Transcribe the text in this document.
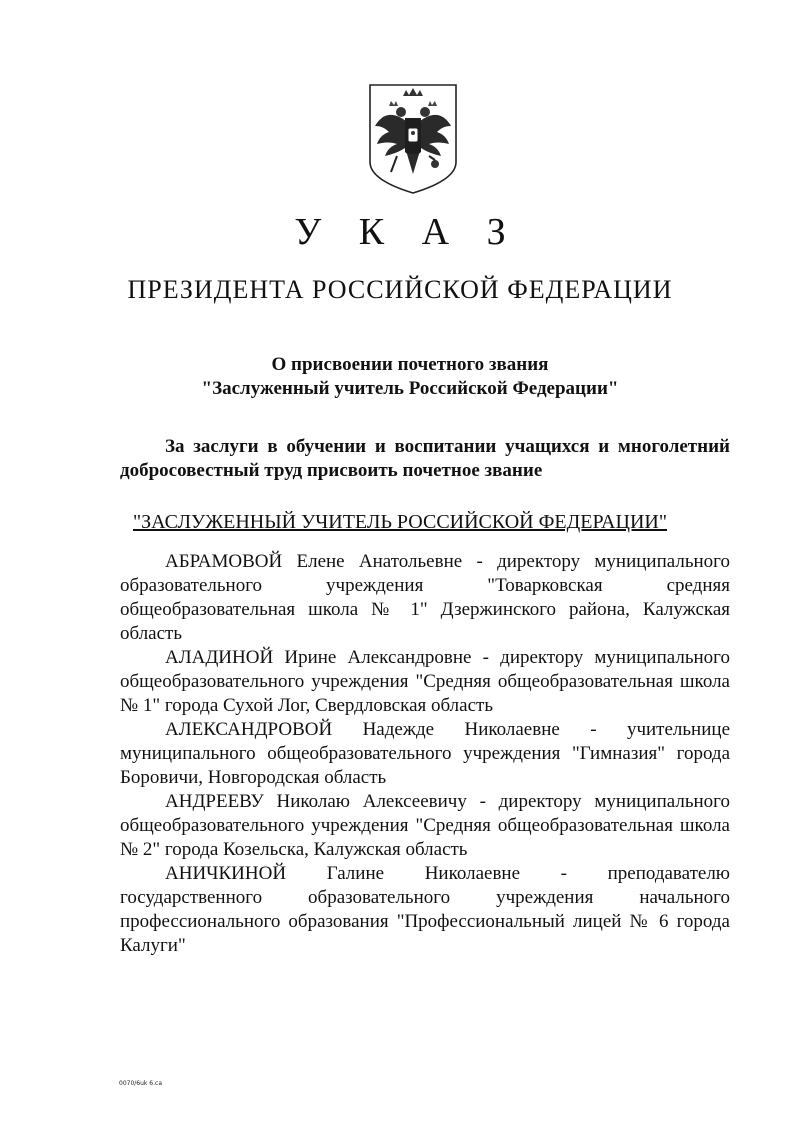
У К А З
ПРЕЗИДЕНТА РОССИЙСКОЙ ФЕДЕРАЦИИ
О присвоении почетного звания
"Заслуженный учитель Российской Федерации"
За заслуги в обучении и воспитании учащихся и многолетний добросовестный труд присвоить почетное звание
"ЗАСЛУЖЕННЫЙ УЧИТЕЛЬ РОССИЙСКОЙ ФЕДЕРАЦИИ"
АБРАМОВОЙ Елене Анатольевне - директору муниципального образовательного учреждения "Товарковская средняя общеобразовательная школа № 1" Дзержинского района, Калужская область
АЛАДИНОЙ Ирине Александровне - директору муниципального общеобразовательного учреждения "Средняя общеобразовательная школа № 1" города Сухой Лог, Свердловская область
АЛЕКСАНДРОВОЙ Надежде Николаевне - учительнице муниципального общеобразовательного учреждения "Гимназия" города Боровичи, Новгородская область
АНДРЕЕВУ Николаю Алексеевичу - директору муниципального общеобразовательного учреждения "Средняя общеобразовательная школа № 2" города Козельска, Калужская область
АНИЧКИНОЙ Галине Николаевне - преподавателю государственного образовательного учреждения начального профессионального образования "Профессиональный лицей № 6 города Калуги"
0070/6uk 6.ca
